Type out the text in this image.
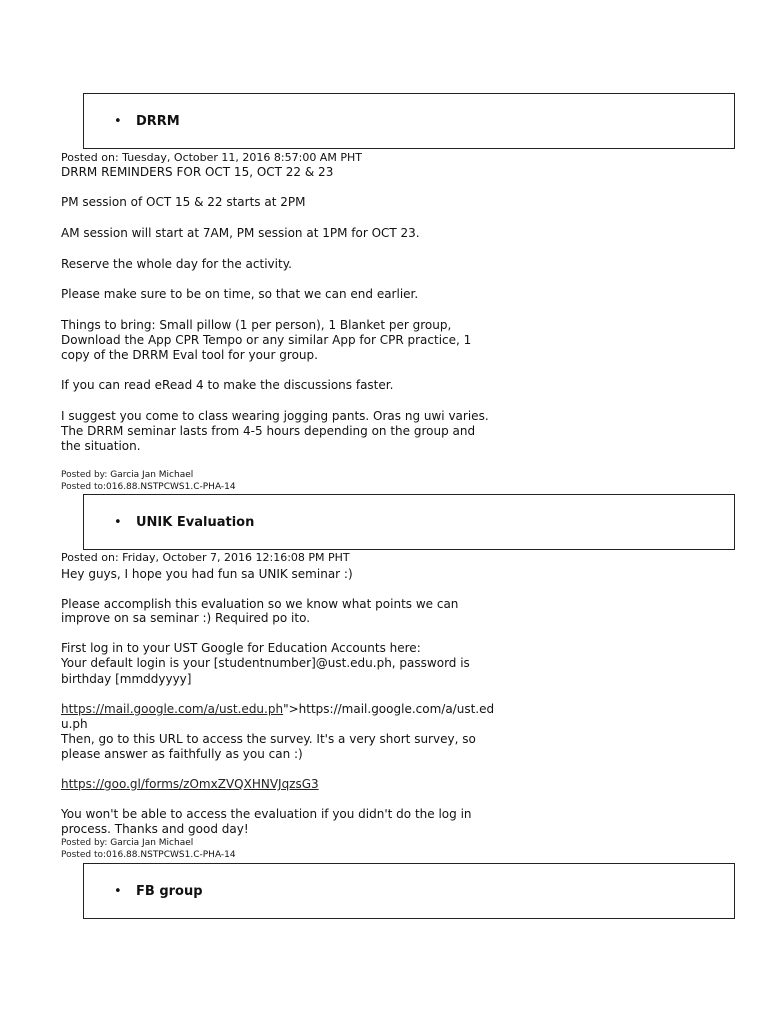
• DRRM
Posted on: Tuesday, October 11, 2016 8:57:00 AM PHT
DRRM REMINDERS FOR OCT 15, OCT 22 & 23
PM session of OCT 15 & 22 starts at 2PM
AM session will start at 7AM, PM session at 1PM for OCT 23.
Reserve the whole day for the activity.
Please make sure to be on time, so that we can end earlier.
Things to bring: Small pillow (1 per person), 1 Blanket per group,
Download the App CPR Tempo or any similar App for CPR practice, 1
copy of the DRRM Eval tool for your group.
If you can read eRead 4 to make the discussions faster.
I suggest you come to class wearing jogging pants. Oras ng uwi varies.
The DRRM seminar lasts from 4-5 hours depending on the group and
the situation.
Posted by: Garcia Jan Michael
Posted to:016.88.NSTPCWS1.C-PHA-14
• UNIK Evaluation
Posted on: Friday, October 7, 2016 12:16:08 PM PHT
Hey guys, I hope you had fun sa UNIK seminar :)
Please accomplish this evaluation so we know what points we can
improve on sa seminar :) Required po ito.
First log in to your UST Google for Education Accounts here:
Your default login is your [studentnumber]@ust.edu.ph, password is
birthday [mmddyyyy]
https://mail.google.com/a/ust.edu.ph">https://mail.google.com/a/ust.ed
u.ph
Then, go to this URL to access the survey. It's a very short survey, so
please answer as faithfully as you can :)
https://goo.gl/forms/zOmxZVQXHNVJqzsG3
You won't be able to access the evaluation if you didn't do the log in
process. Thanks and good day!
Posted by: Garcia Jan Michael
Posted to:016.88.NSTPCWS1.C-PHA-14
• FB group
